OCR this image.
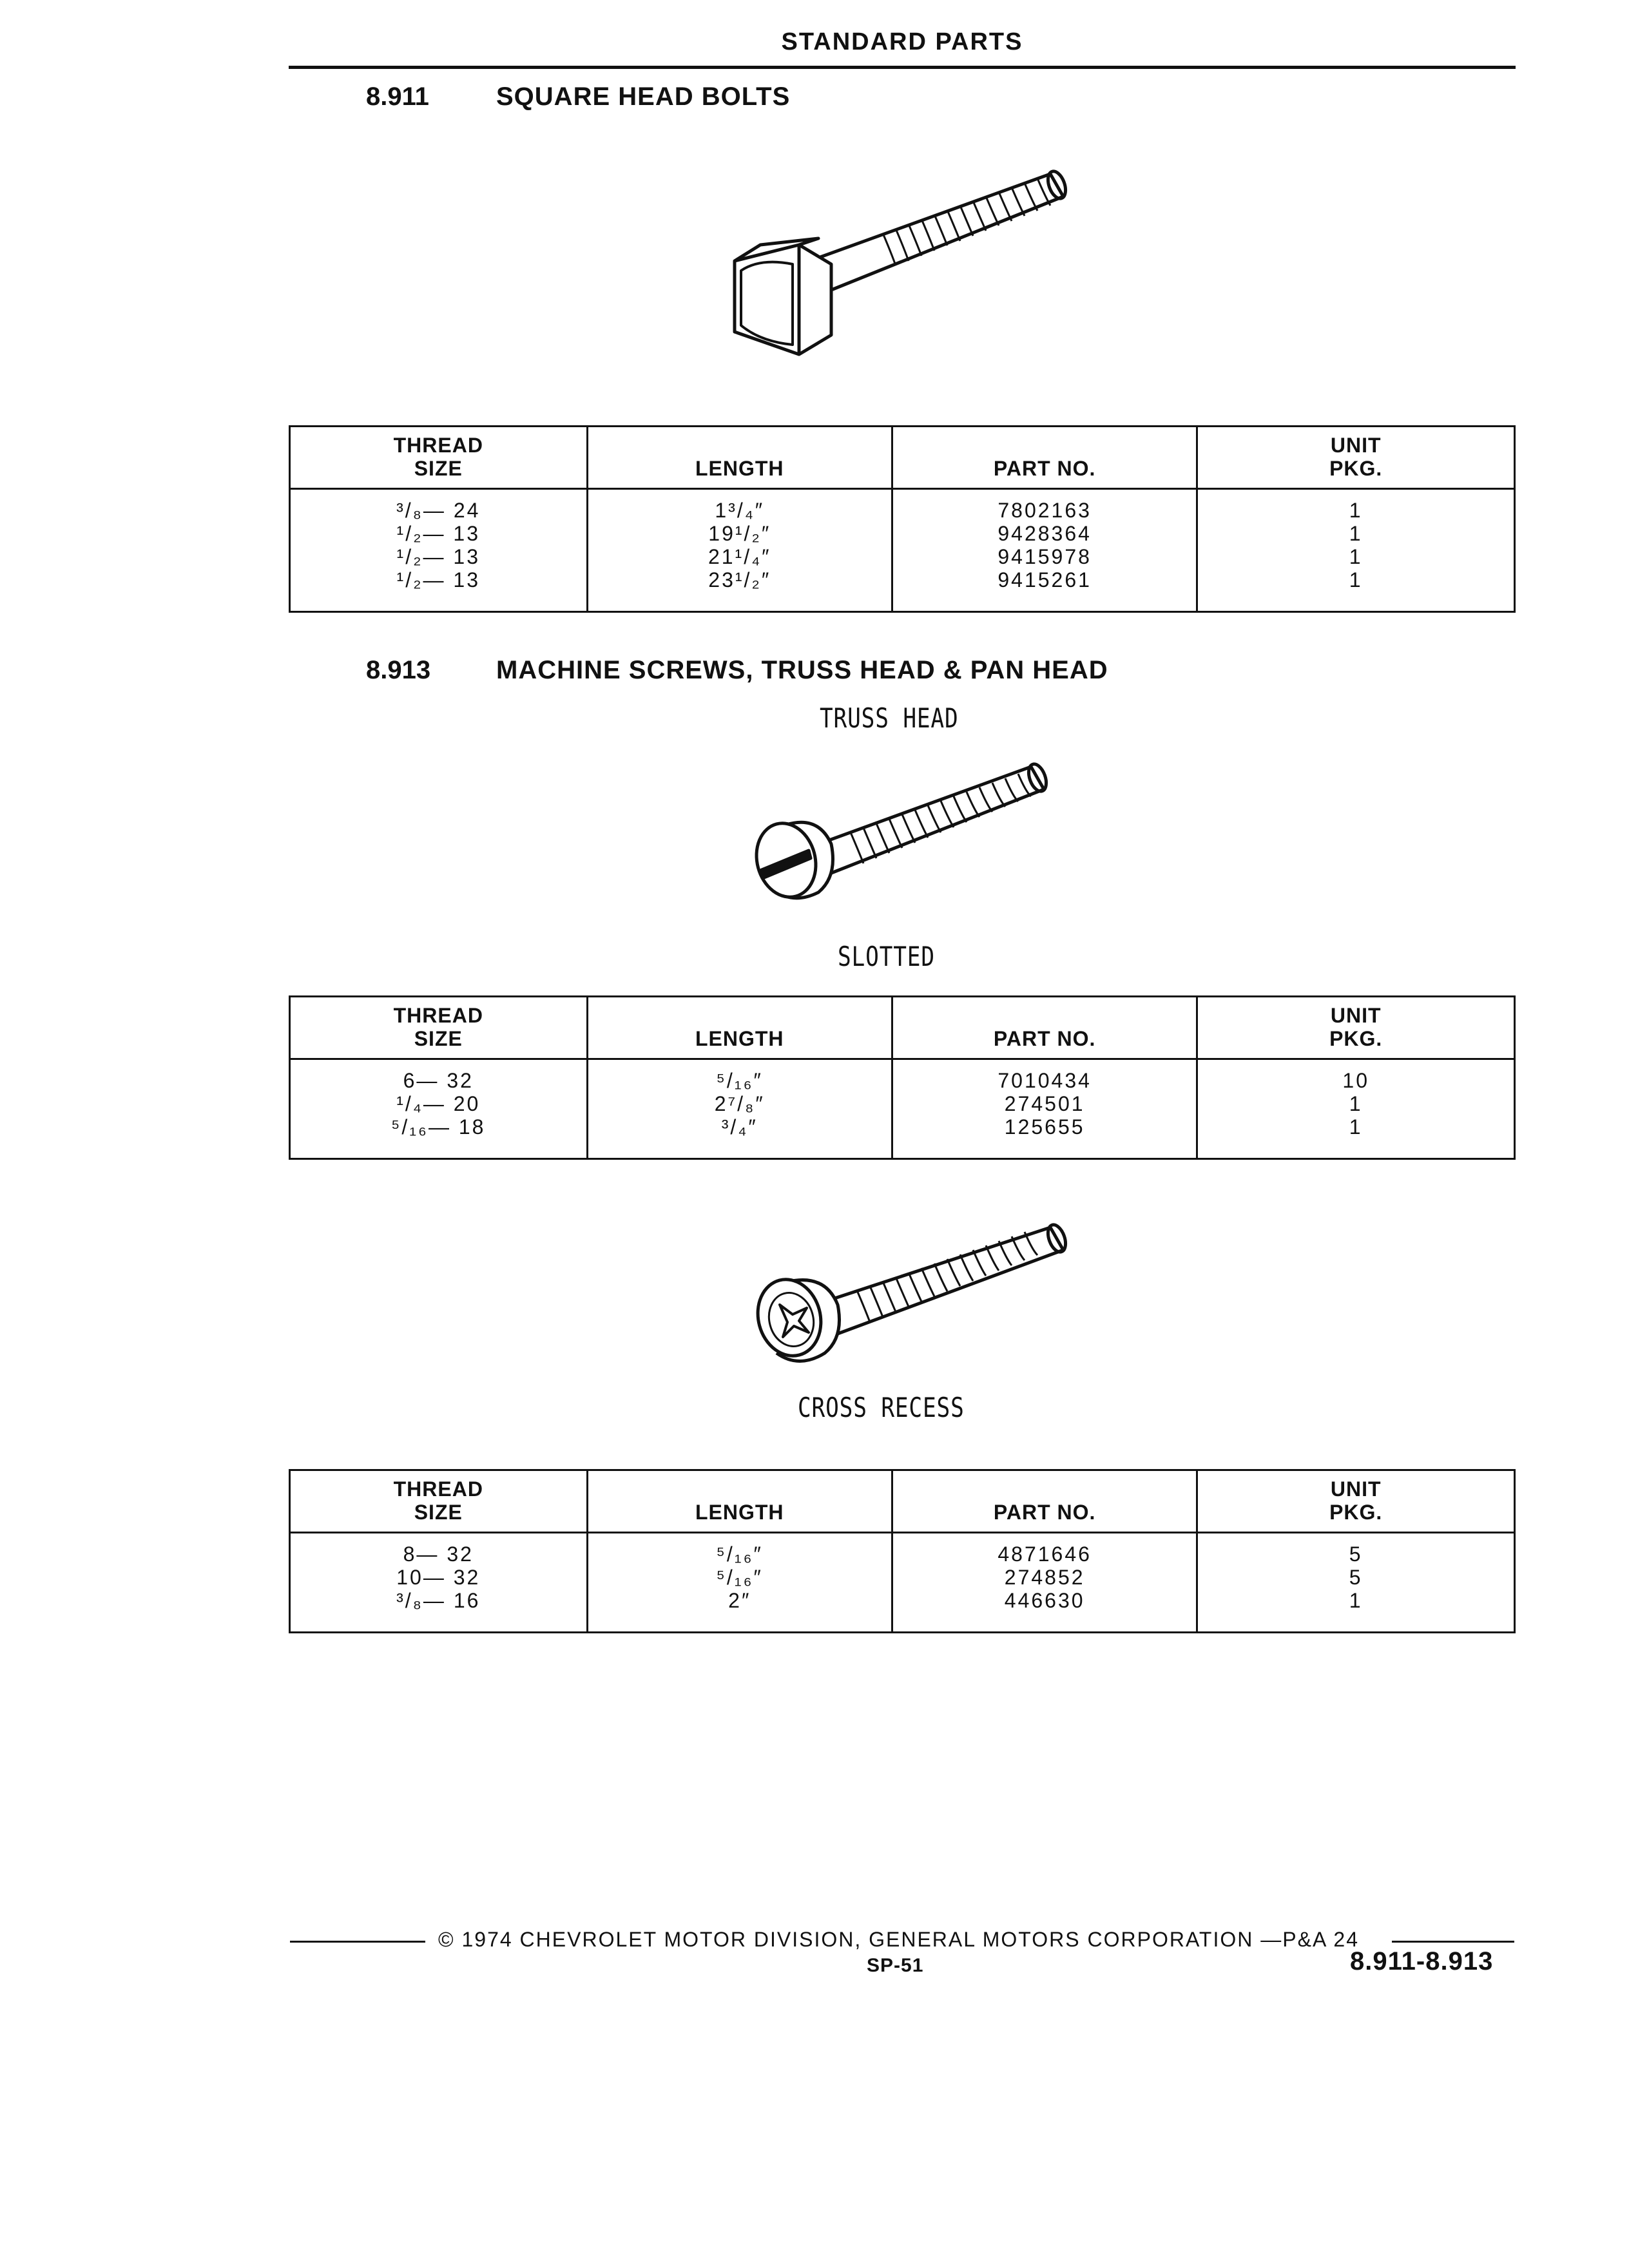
STANDARD PARTS
8.911	SQUARE HEAD BOLTS
THREAD
SIZE	LENGTH	PART NO.	UNIT
PKG.
³/₈— 24	1³/₄″	7802163	1
¹/₂— 13	19¹/₂″	9428364	1
¹/₂— 13	21¹/₄″	9415978	1
¹/₂— 13	23¹/₂″	9415261	1

8.913	MACHINE SCREWS, TRUSS HEAD & PAN HEAD
TRUSS HEAD
SLOTTED
THREAD
SIZE	LENGTH	PART NO.	UNIT
PKG.
6— 32	⁵/₁₆″	7010434	10
¹/₄— 20	2⁷/₈″	274501	1
⁵/₁₆— 18	³/₄″	125655	1

CROSS RECESS
THREAD
SIZE	LENGTH	PART NO.	UNIT
PKG.
8— 32	⁵/₁₆″	4871646	5
10— 32	⁵/₁₆″	274852	5
³/₈— 16	2″	446630	1

© 1974 CHEVROLET MOTOR DIVISION, GENERAL MOTORS CORPORATION —P&A 24
SP-51	8.911-8.913
